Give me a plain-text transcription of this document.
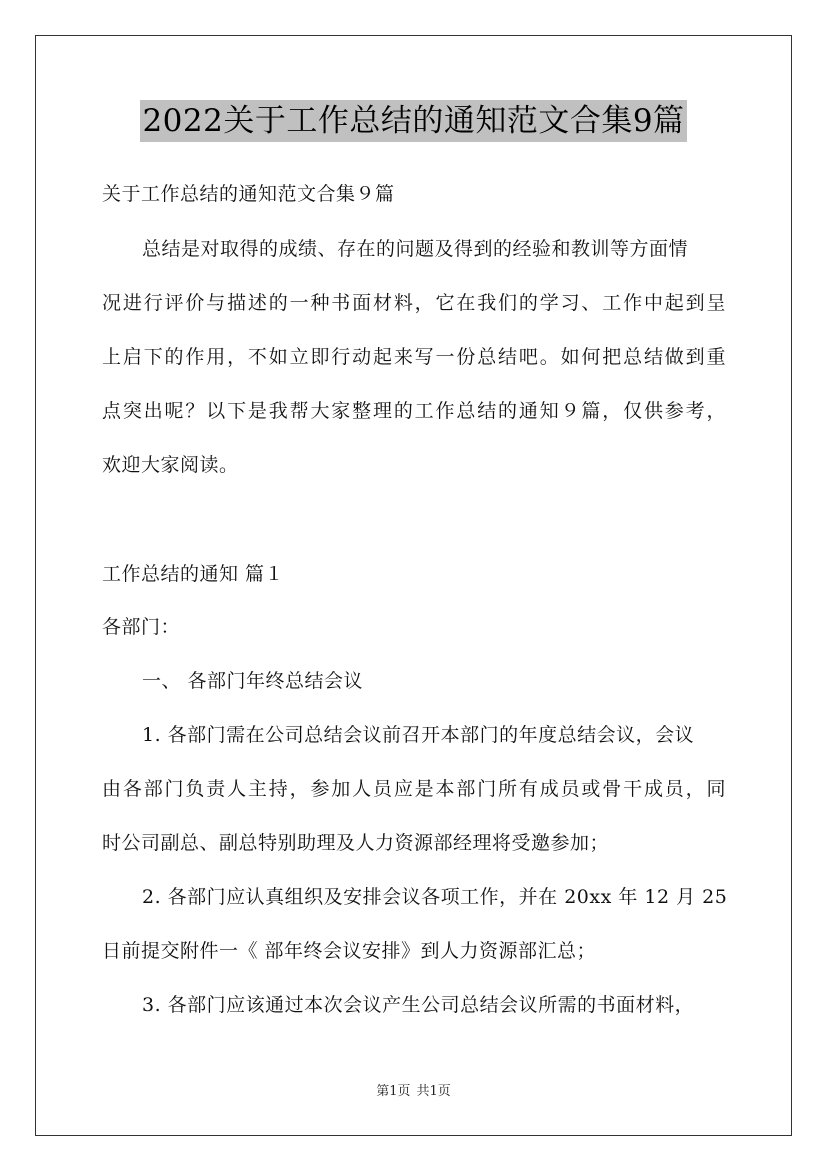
2022关于工作总结的通知范文合集9篇
关于工作总结的通知范文合集９篇
总结是对取得的成绩、存在的问题及得到的经验和教训等方面情
况进行评价与描述的一种书面材料，它在我们的学习、工作中起到呈
上启下的作用，不如立即行动起来写一份总结吧。如何把总结做到重
点突出呢？以下是我帮大家整理的工作总结的通知９篇，仅供参考，
欢迎大家阅读。
工作总结的通知 篇１
各部门：
一、 各部门年终总结会议
1. 各部门需在公司总结会议前召开本部门的年度总结会议，会议
由各部门负责人主持，参加人员应是本部门所有成员或骨干成员，同
时公司副总、副总特别助理及人力资源部经理将受邀参加；
2. 各部门应认真组织及安排会议各项工作，并在 20xx 年 12 月 25
日前提交附件一《 部年终会议安排》到人力资源部汇总；
3. 各部门应该通过本次会议产生公司总结会议所需的书面材料，
第1页 共1页
